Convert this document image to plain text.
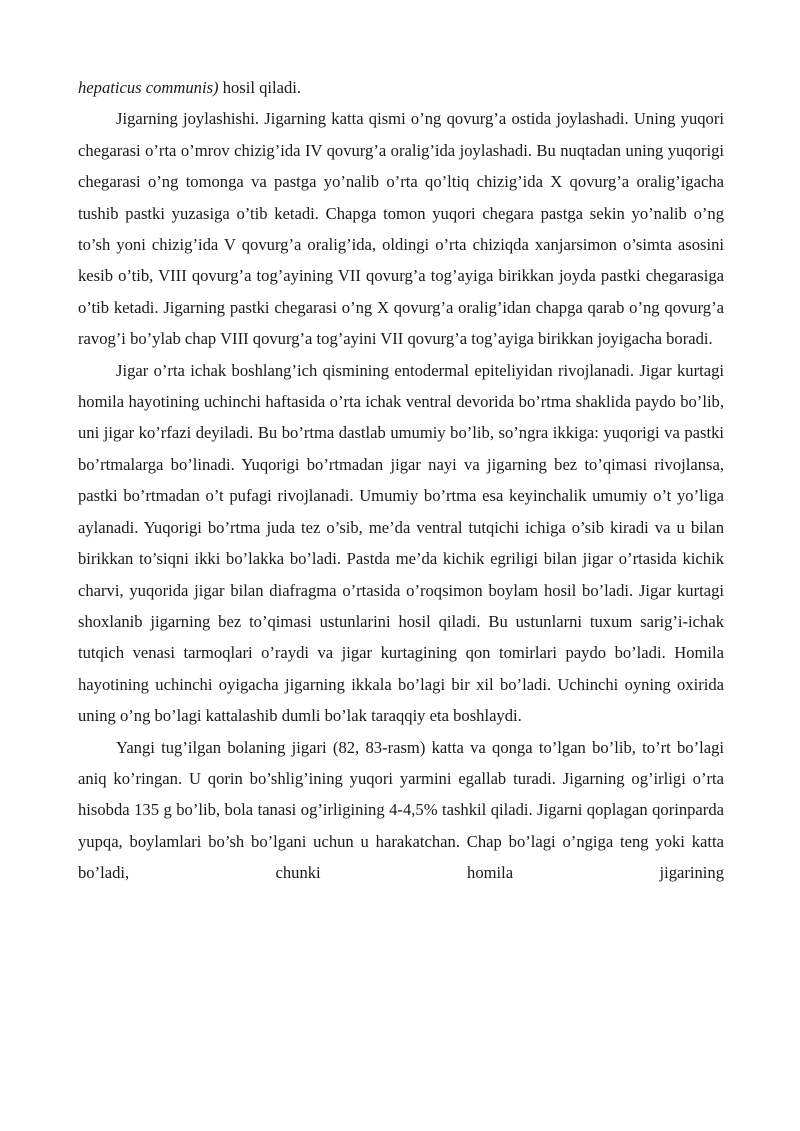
hepaticus communis) hosil qiladi.

Jigarning joylashishi. Jigarning katta qismi o’ng qovurg’a ostida joylashadi. Uning yuqori chegarasi o’rta o’mrov chizig’ida IV qovurg’a oralig’ida joylashadi. Bu nuqtadan uning yuqorigi chegarasi o’ng tomonga va pastga yo’nalib o’rta qo’ltiq chizig’ida X qovurg’a oralig’igacha tushib pastki yuzasiga o’tib ketadi. Chapga tomon yuqori chegara pastga sekin yo’nalib o’ng to’sh yoni chizig’ida V qovurg’a oralig’ida, oldingi o’rta chiziqda xanjarsimon o’simta asosini kesib o’tib, VIII qovurg’a tog’ayining VII qovurg’a tog’ayiga birikkan joyda pastki chegarasiga o’tib ketadi. Jigarning pastki chegarasi o’ng X qovurg’a oralig’idan chapga qarab o’ng qovurg’a ravog’i bo’ylab chap VIII qovurg’a tog’ayini VII qovurg’a tog’ayiga birikkan joyigacha boradi.

Jigar o’rta ichak boshlang’ich qismining entodermal epiteliyidan rivojlanadi. Jigar kurtagi homila hayotining uchinchi haftasida o’rta ichak ventral devorida bo’rtma shaklida paydo bo’lib, uni jigar ko’rfazi deyiladi. Bu bo’rtma dastlab umumiy bo’lib, so’ngra ikkiga: yuqorigi va pastki bo’rtmalarga bo’linadi. Yuqorigi bo’rtmadan jigar nayi va jigarning bez to’qimasi rivojlansa, pastki bo’rtmadan o’t pufagi rivojlanadi. Umumiy bo’rtma esa keyinchalik umumiy o’t yo’liga aylanadi. Yuqorigi bo’rtma juda tez o’sib, me’da ventral tutqichi ichiga o’sib kiradi va u bilan birikkan to’siqni ikki bo’lakka bo’ladi. Pastda me’da kichik egriligi bilan jigar o’rtasida kichik charvi, yuqorida jigar bilan diafragma o’rtasida o’roqsimon boylam hosil bo’ladi. Jigar kurtagi shoxlanib jigarning bez to’qimasi ustunlarini hosil qiladi. Bu ustunlarni tuxum sarig’i-ichak tutqich venasi tarmoqlari o’raydi va jigar kurtagining qon tomirlari paydo bo’ladi. Homila hayotining uchinchi oyigacha jigarning ikkala bo’lagi bir xil bo’ladi. Uchinchi oyning oxirida uning o’ng bo’lagi kattalashib dumli bo’lak taraqqiy eta boshlaydi.

Yangi tug’ilgan bolaning jigari (82, 83-rasm) katta va qonga to’lgan bo’lib, to’rt bo’lagi aniq ko’ringan. U qorin bo’shlig’ining yuqori yarmini egallab turadi. Jigarning og’irligi o’rta hisobda 135 g bo’lib, bola tanasi og’irligining 4-4,5% tashkil qiladi. Jigarni qoplagan qorinparda yupqa, boylamlari bo’sh bo’lgani uchun u harakatchan. Chap bo’lagi o’ngiga teng yoki katta bo’ladi, chunki homila jigarining
